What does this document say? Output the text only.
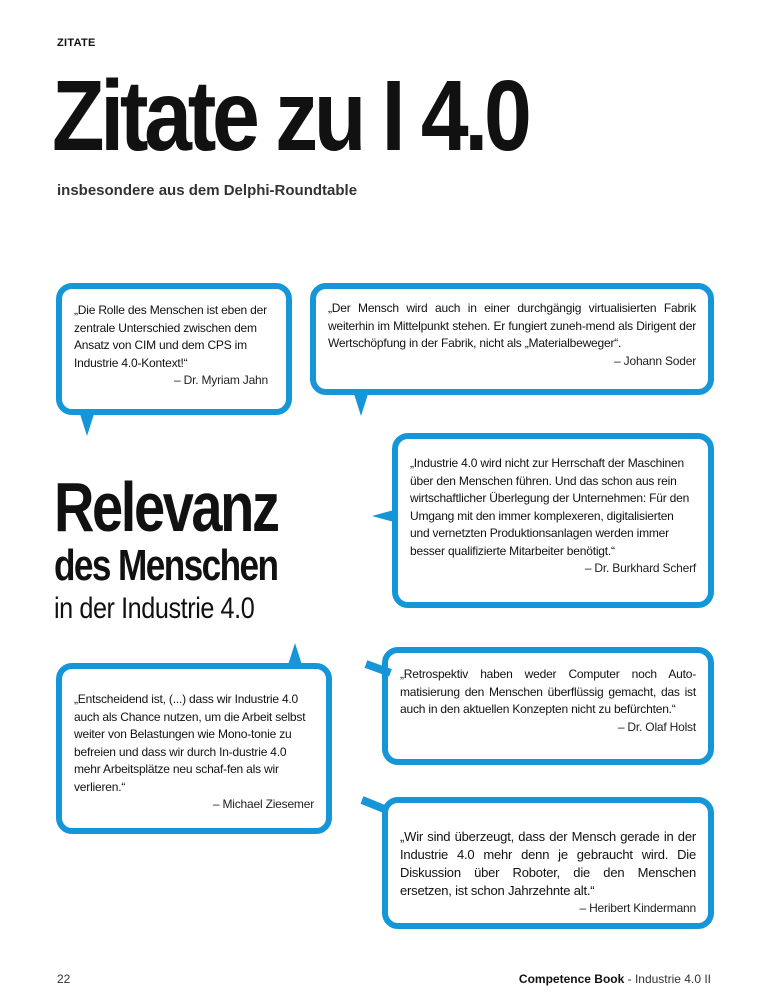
ZITATE
Zitate zu I 4.0
insbesondere aus dem Delphi-Roundtable

„Die Rolle des Menschen ist eben der zentrale Unterschied zwischen dem Ansatz von CIM und dem CPS im Industrie 4.0-Kontext!“

– Dr. Myriam Jahn

„Der Mensch wird auch in einer durchgängig virtualisierten Fabrik weiterhin im Mittelpunkt stehen. Er fungiert zuneh-mend als Dirigent der Wertschöpfung in der Fabrik, nicht als „Materialbeweger“.

– Johann Soder

„Industrie 4.0 wird nicht zur Herrschaft der Maschinen über den Menschen führen. Und das schon aus rein wirtschaftlicher Überlegung der Unternehmen: Für den Umgang mit den immer komplexeren, digitalisierten und vernetzten Produktionsanlagen werden immer besser qualifizierte Mitarbeiter benötigt.“

– Dr. Burkhard Scherf

Relevanz
des Menschen
in der Industrie 4.0

„Entscheidend ist, (...) dass wir Industrie 4.0 auch als Chance nutzen, um die Arbeit selbst weiter von Belastungen wie Mono-tonie zu befreien und dass wir durch In-dustrie 4.0 mehr Arbeitsplätze neu schaf-fen als wir verlieren.“

– Michael Ziesemer

„Retrospektiv haben weder Computer noch Auto-matisierung den Menschen überflüssig gemacht, das ist auch in den aktuellen Konzepten nicht zu befürchten.“

– Dr. Olaf Holst

„Wir sind überzeugt, dass der Mensch gerade in der Industrie 4.0 mehr denn je gebraucht wird. Die Diskussion über Roboter, die den Menschen ersetzen, ist schon Jahrzehnte alt.“

– Heribert Kindermann

22	Competence Book - Industrie 4.0 II
